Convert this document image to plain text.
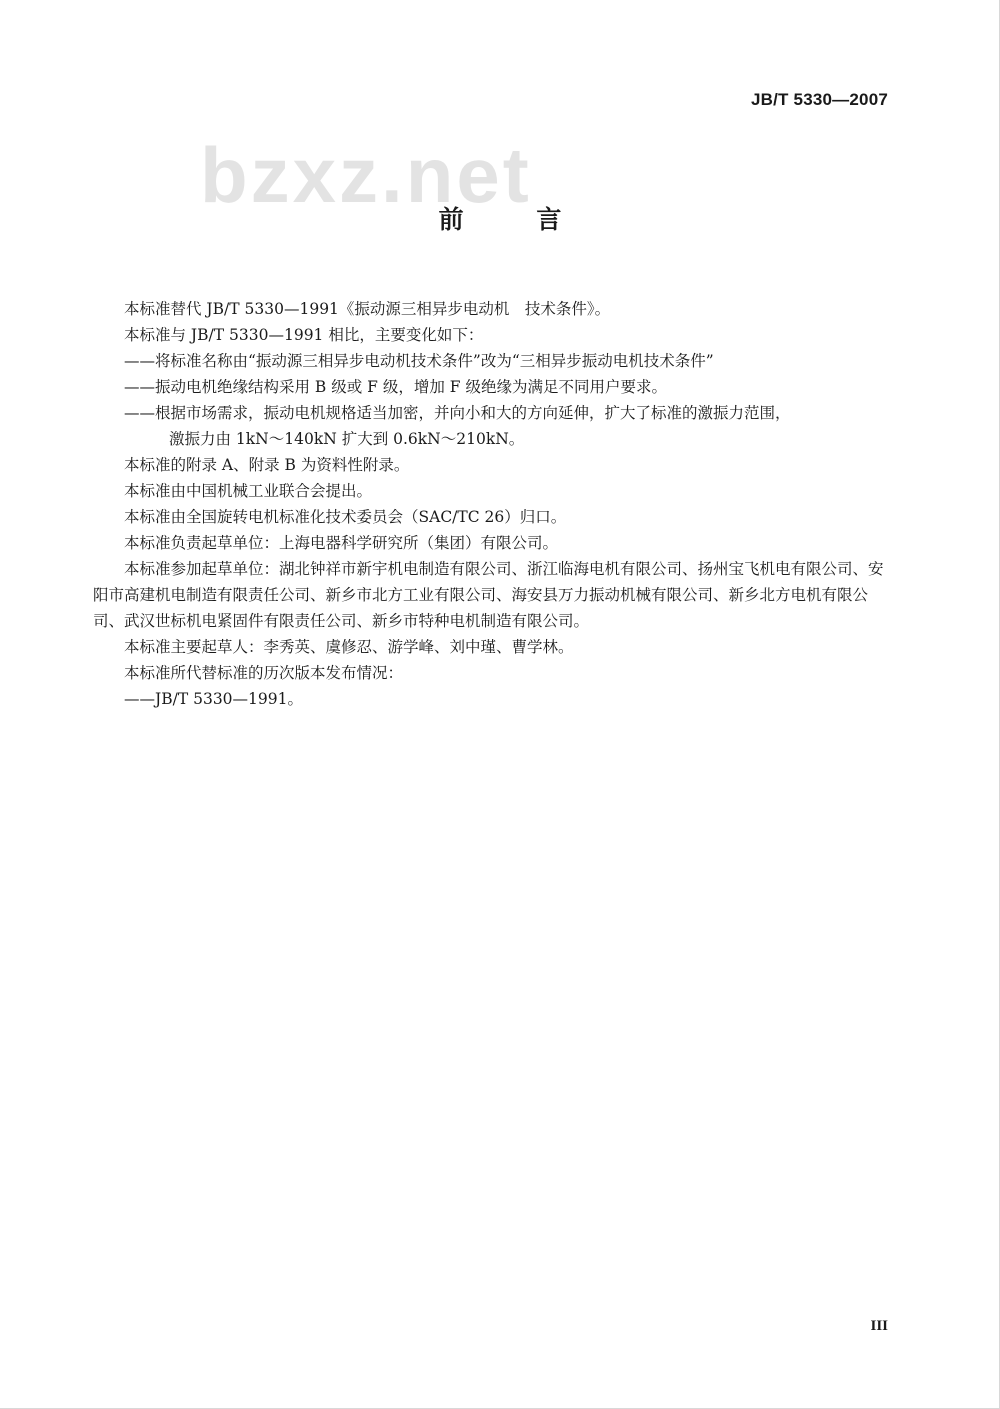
JB/T 5330—2007
bzxz.net
前 言

本标准替代 JB/T 5330—1991《振动源三相异步电动机　技术条件》。

本标准与 JB/T 5330—1991 相比，主要变化如下：

——将标准名称由“振动源三相异步电动机技术条件”改为“三相异步振动电机技术条件”

——振动电机绝缘结构采用 B 级或 F 级，增加 F 级绝缘为满足不同用户要求。

——根据市场需求，振动电机规格适当加密，并向小和大的方向延伸，扩大了标准的激振力范围，

激振力由 1kN～140kN 扩大到 0.6kN～210kN。

本标准的附录 A、附录 B 为资料性附录。

本标准由中国机械工业联合会提出。

本标准由全国旋转电机标准化技术委员会（SAC/TC 26）归口。

本标准负责起草单位：上海电器科学研究所（集团）有限公司。

本标准参加起草单位：湖北钟祥市新宇机电制造有限公司、浙江临海电机有限公司、扬州宝飞机电有限公司、安阳市高建机电制造有限责任公司、新乡市北方工业有限公司、海安县万力振动机械有限公司、新乡北方电机有限公司、武汉世标机电紧固件有限责任公司、新乡市特种电机制造有限公司。

本标准主要起草人：李秀英、虞修忍、游学峰、刘中瑾、曹学林。

本标准所代替标准的历次版本发布情况：

——JB/T 5330—1991。

III
